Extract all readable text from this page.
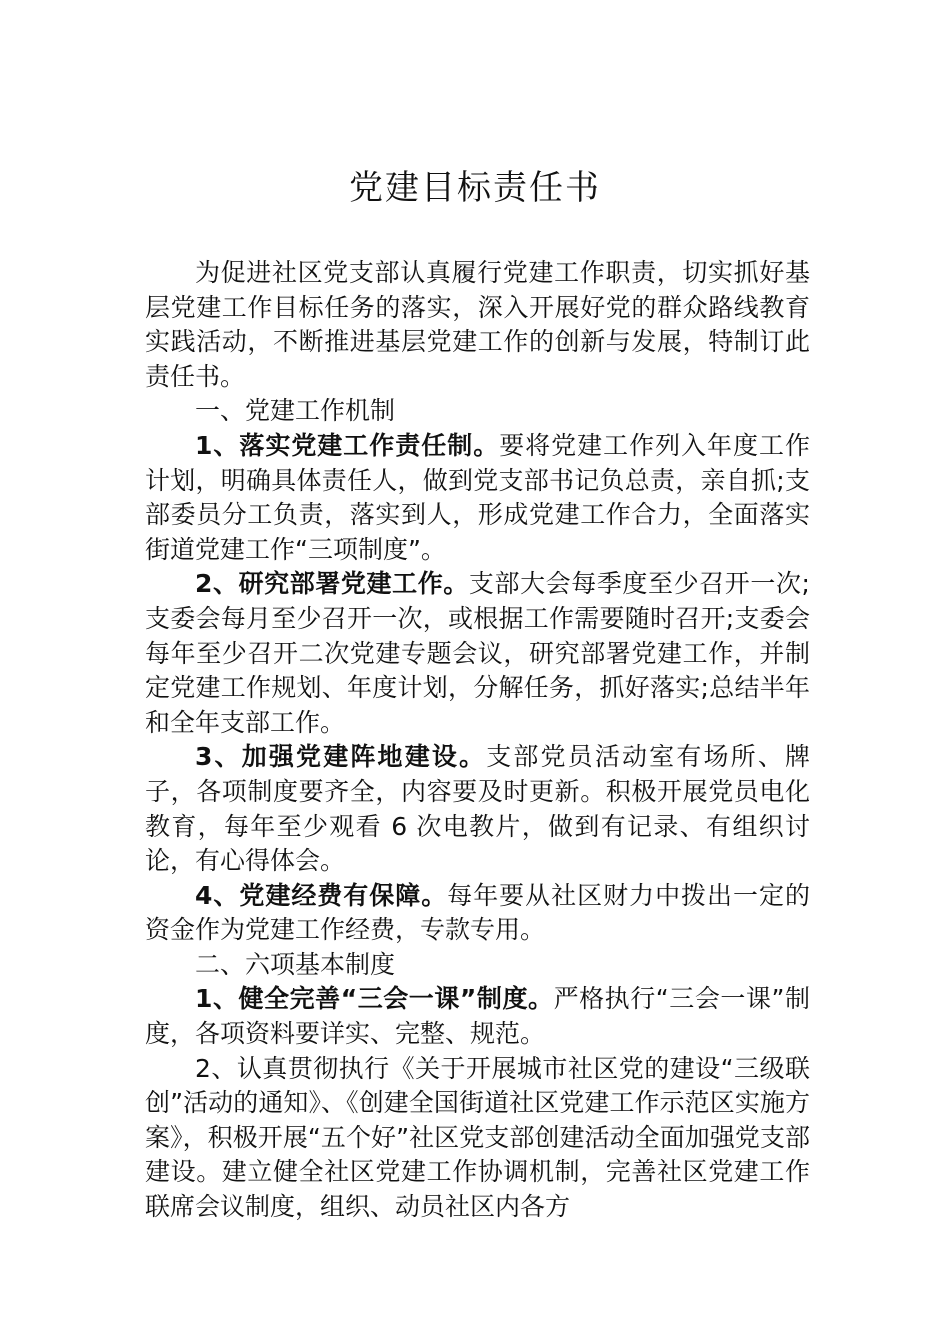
党建目标责任书

为促进社区党支部认真履行党建工作职责，切实抓好基层党建工作目标任务的落实，深入开展好党的群众路线教育实践活动，不断推进基层党建工作的创新与发展，特制订此责任书。

一、党建工作机制

1、落实党建工作责任制。要将党建工作列入年度工作计划，明确具体责任人，做到党支部书记负总责，亲自抓;支部委员分工负责，落实到人，形成党建工作合力，全面落实街道党建工作“三项制度”。

2、研究部署党建工作。支部大会每季度至少召开一次;支委会每月至少召开一次，或根据工作需要随时召开;支委会每年至少召开二次党建专题会议，研究部署党建工作，并制定党建工作规划、年度计划，分解任务，抓好落实;总结半年和全年支部工作。

3、加强党建阵地建设。支部党员活动室有场所、牌子，各项制度要齐全，内容要及时更新。积极开展党员电化教育，每年至少观看 6 次电教片，做到有记录、有组织讨论，有心得体会。

4、党建经费有保障。每年要从社区财力中拨出一定的资金作为党建工作经费，专款专用。

二、六项基本制度

1、健全完善“三会一课”制度。严格执行“三会一课”制度，各项资料要详实、完整、规范。

2、认真贯彻执行《关于开展城市社区党的建设“三级联创”活动的通知》、《创建全国街道社区党建工作示范区实施方案》，积极开展“五个好”社区党支部创建活动全面加强党支部建设。建立健全社区党建工作协调机制，完善社区党建工作联席会议制度，组织、动员社区内各方
